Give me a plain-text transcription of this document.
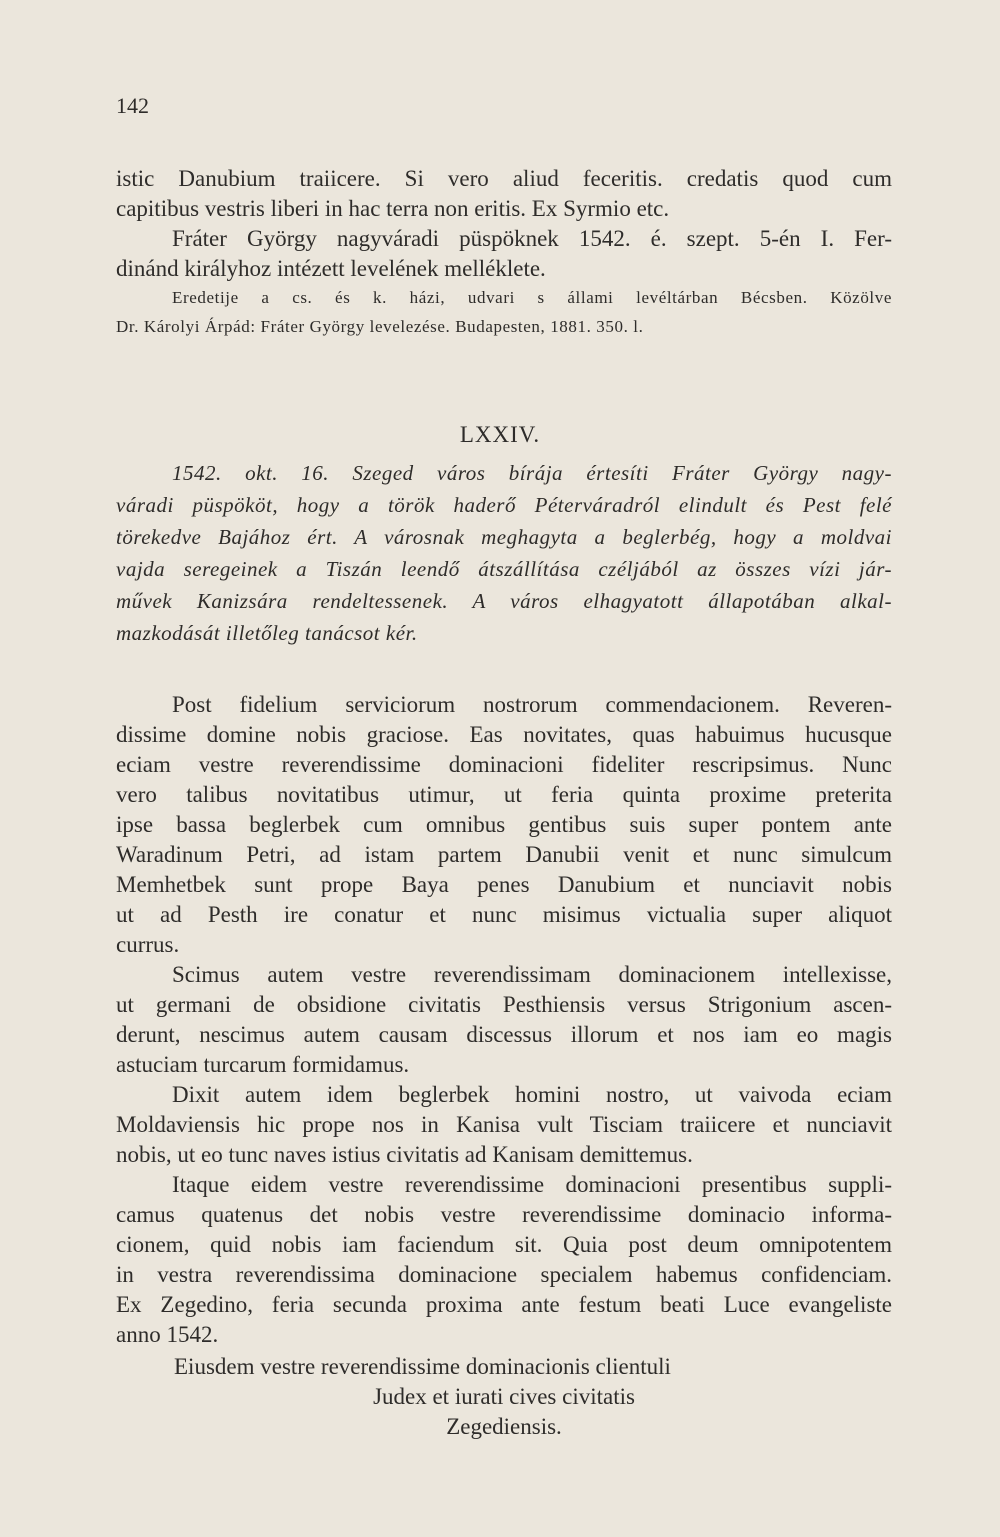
142

istic Danubium traiicere. Si vero aliud feceritis. credatis quod cum
capitibus vestris liberi in hac terra non eritis. Ex Syrmio etc.
Fráter György nagyváradi püspöknek 1542. é. szept. 5-én I. Fer-
dinánd királyhoz intézett levelének melléklete.
Eredetije a cs. és k. házi, udvari s állami levéltárban Bécsben. Közölve
Dr. Károlyi Árpád: Fráter György levelezése. Budapesten, 1881. 350. l.

LXXIV.

1542. okt. 16. Szeged város bírája értesíti Fráter György nagy-
váradi püspököt, hogy a török haderő Péterváradról elindult és Pest felé
törekedve Bajához ért. A városnak meghagyta a beglerbég, hogy a moldvai
vajda seregeinek a Tiszán leendő átszállítása czéljából az összes vízi jár-
művek Kanizsára rendeltessenek. A város elhagyatott állapotában alkal-
mazkodását illetőleg tanácsot kér.
Post fidelium serviciorum nostrorum commendacionem. Reveren-
dissime domine nobis graciose. Eas novitates, quas habuimus hucusque
eciam vestre reverendissime dominacioni fideliter rescripsimus. Nunc
vero talibus novitatibus utimur, ut feria quinta proxime preterita
ipse bassa beglerbek cum omnibus gentibus suis super pontem ante
Waradinum Petri, ad istam partem Danubii venit et nunc simulcum
Memhetbek sunt prope Baya penes Danubium et nunciavit nobis
ut ad Pesth ire conatur et nunc misimus victualia super aliquot
currus.
Scimus autem vestre reverendissimam dominacionem intellexisse,
ut germani de obsidione civitatis Pesthiensis versus Strigonium ascen-
derunt, nescimus autem causam discessus illorum et nos iam eo magis
astuciam turcarum formidamus.
Dixit autem idem beglerbek homini nostro, ut vaivoda eciam
Moldaviensis hic prope nos in Kanisa vult Tisciam traiicere et nunciavit
nobis, ut eo tunc naves istius civitatis ad Kanisam demittemus.
Itaque eidem vestre reverendissime dominacioni presentibus suppli-
camus quatenus det nobis vestre reverendissime dominacio informa-
cionem, quid nobis iam faciendum sit. Quia post deum omnipotentem
in vestra reverendissima dominacione specialem habemus confidenciam.
Ex Zegedino, feria secunda proxima ante festum beati Luce evangeliste
anno 1542.
Eiusdem vestre reverendissime dominacionis clientuli
Judex et iurati cives civitatis
Zegediensis.
